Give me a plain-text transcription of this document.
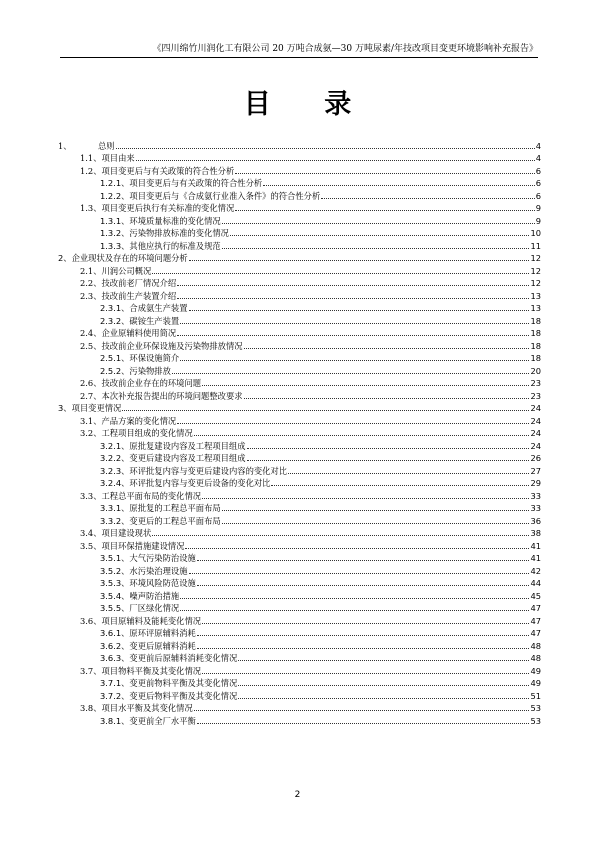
《四川绵竹川润化工有限公司 20 万吨合成氨—30 万吨尿素/年技改项目变更环境影响补充报告》
目 录
1、	总则	4
1.1、项目由来	4
1.2、项目变更后与有关政策的符合性分析	6
1.2.1、项目变更后与有关政策的符合性分析	6
1.2.2、项目变更后与《合成氨行业准入条件》的符合性分析	6
1.3、项目变更后执行有关标准的变化情况	9
1.3.1、环境质量标准的变化情况	9
1.3.2、污染物排放标准的变化情况	10
1.3.3、其他应执行的标准及规范	11
2、企业现状及存在的环境问题分析	12
2.1、川润公司概况	12
2.2、技改前老厂情况介绍	12
2.3、技改前生产装置介绍	13
2.3.1、合成氨生产装置	13
2.3.2、碳铵生产装置	18
2.4、企业原辅料使用简况	18
2.5、技改前企业环保设施及污染物排放情况	18
2.5.1、环保设施简介	18
2.5.2、污染物排放	20
2.6、技改前企业存在的环境问题	23
2.7、本次补充报告提出的环境问题整改要求	23
3、项目变更情况	24
3.1、产品方案的变化情况	24
3.2、工程项目组成的变化情况	24
3.2.1、原批复建设内容及工程项目组成	24
3.2.2、变更后建设内容及工程项目组成	26
3.2.3、环评批复内容与变更后建设内容的变化对比	27
3.2.4、环评批复内容与变更后设备的变化对比	29
3.3、工程总平面布局的变化情况	33
3.3.1、原批复的工程总平面布局	33
3.3.2、变更后的工程总平面布局	36
3.4、项目建设现状	38
3.5、项目环保措施建设情况	41
3.5.1、大气污染防治设施	41
3.5.2、水污染治理设施	42
3.5.3、环境风险防范设施	44
3.5.4、噪声防治措施	45
3.5.5、厂区绿化情况	47
3.6、项目原辅料及能耗变化情况	47
3.6.1、原环评原辅料消耗	47
3.6.2、变更后原辅料消耗	48
3.6.3、变更前后原辅料消耗变化情况	48
3.7、项目物料平衡及其变化情况	49
3.7.1、变更前物料平衡及其变化情况	49
3.7.2、变更后物料平衡及其变化情况	51
3.8、项目水平衡及其变化情况	53
3.8.1、变更前全厂水平衡	53
2
